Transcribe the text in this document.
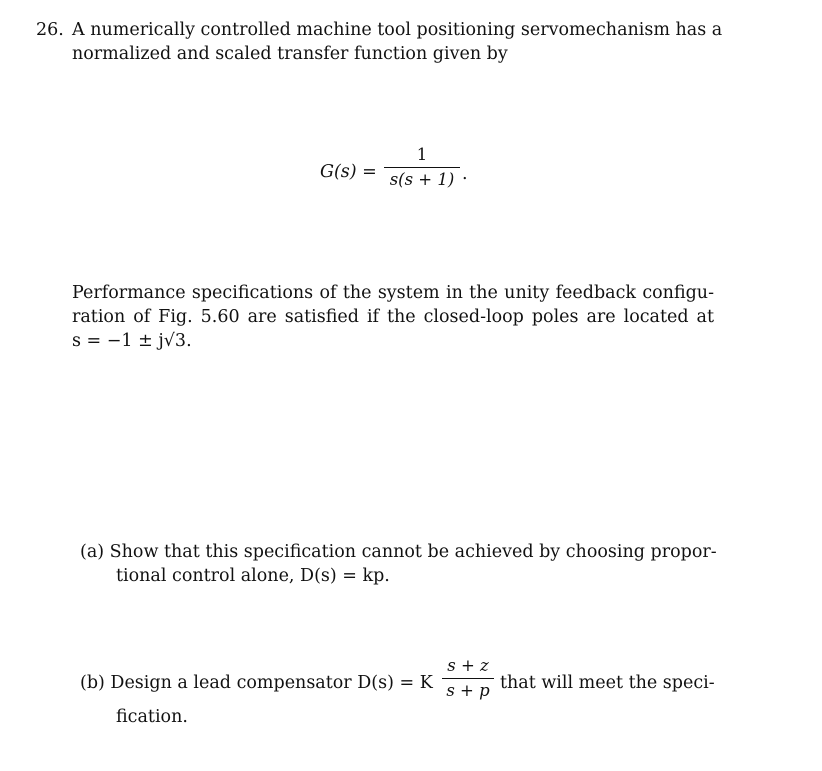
26. A numerically controlled machine tool positioning servomechanism has a
normalized and scaled transfer function given by
G(s) =
1
s(s + 1) .
Performance specifications of the system in the unity feedback configu-
ration of Fig. 5.60 are satisfied if the closed-loop poles are located at
s = −1 ± j√3.
(a) Show that this specification cannot be achieved by choosing propor-
tional control alone, D(s) = kp.
(b) Design a lead compensator D(s) = K
s + z
s + p that will meet the speci-
fication.
